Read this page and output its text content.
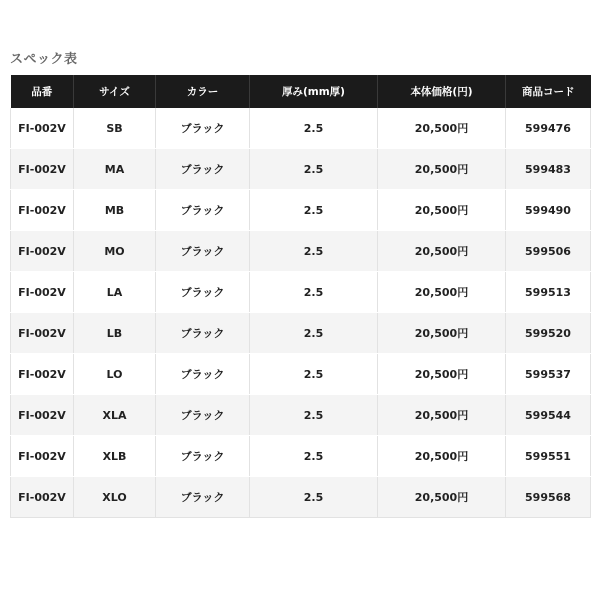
スペック表
品番	サイズ	カラー	厚み(mm厚)	本体価格(円)	商品コード
FI-002V	SB	ブラック	2.5	20,500円	599476
FI-002V	MA	ブラック	2.5	20,500円	599483
FI-002V	MB	ブラック	2.5	20,500円	599490
FI-002V	MO	ブラック	2.5	20,500円	599506
FI-002V	LA	ブラック	2.5	20,500円	599513
FI-002V	LB	ブラック	2.5	20,500円	599520
FI-002V	LO	ブラック	2.5	20,500円	599537
FI-002V	XLA	ブラック	2.5	20,500円	599544
FI-002V	XLB	ブラック	2.5	20,500円	599551
FI-002V	XLO	ブラック	2.5	20,500円	599568
